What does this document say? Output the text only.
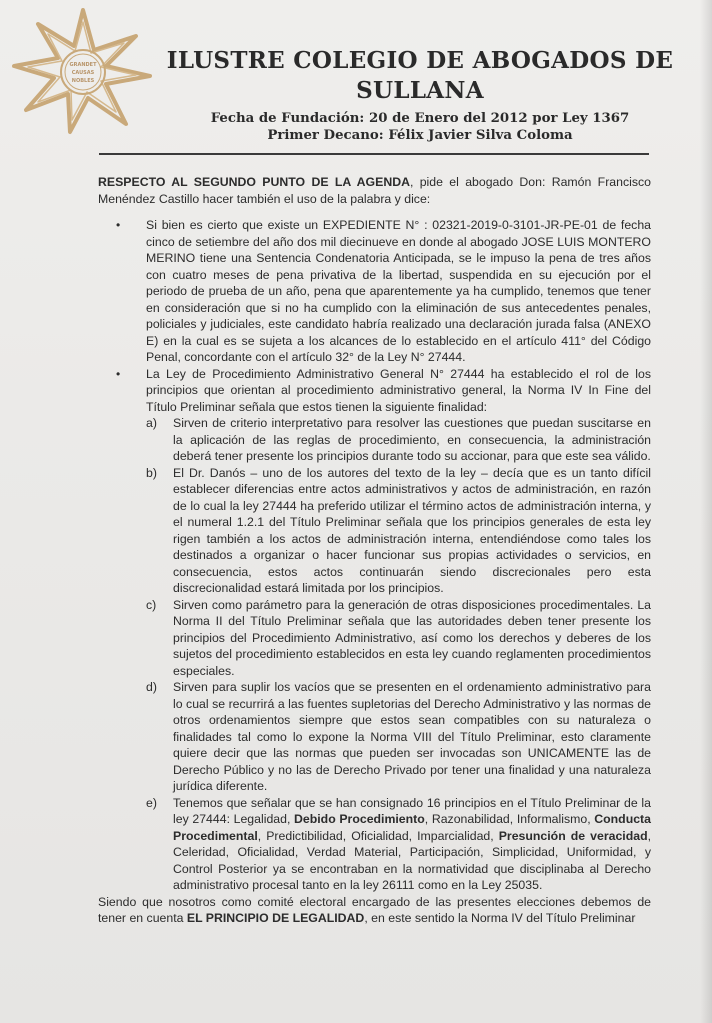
GRANDET
CAUSAS
NOBLES
ILUSTRE COLEGIO DE ABOGADOS DE
SULLANA
Fecha de Fundación: 20 de Enero del 2012 por Ley 1367
Primer Decano: Félix Javier Silva Coloma

RESPECTO AL SEGUNDO PUNTO DE LA AGENDA, pide el abogado Don: Ramón Francisco Menéndez Castillo hacer también el uso de la palabra y dice:

• Si bien es cierto que existe un EXPEDIENTE N° : 02321-2019-0-3101-JR-PE-01 de fecha cinco de setiembre del año dos mil diecinueve en donde al abogado JOSE LUIS MONTERO MERINO tiene una Sentencia Condenatoria Anticipada, se le impuso la pena de tres años con cuatro meses de pena privativa de la libertad, suspendida en su ejecución por el periodo de prueba de un año, pena que aparentemente ya ha cumplido, tenemos que tener en consideración que si no ha cumplido con la eliminación de sus antecedentes penales, policiales y judiciales, este candidato habría realizado una declaración jurada falsa (ANEXO E) en la cual es se sujeta a los alcances de lo establecido en el artículo 411° del Código Penal, concordante con el artículo 32° de la Ley N° 27444.

• La Ley de Procedimiento Administrativo General N° 27444 ha establecido el rol de los principios que orientan al procedimiento administrativo general, la Norma IV In Fine del Título Preliminar señala que estos tienen la siguiente finalidad:

a) Sirven de criterio interpretativo para resolver las cuestiones que puedan suscitarse en la aplicación de las reglas de procedimiento, en consecuencia, la administración deberá tener presente los principios durante todo su accionar, para que este sea válido.

b) El Dr. Danós – uno de los autores del texto de la ley – decía que es un tanto difícil establecer diferencias entre actos administrativos y actos de administración, en razón de lo cual la ley 27444 ha preferido utilizar el término actos de administración interna, y el numeral 1.2.1 del Título Preliminar señala que los principios generales de esta ley rigen también a los actos de administración interna, entendiéndose como tales los destinados a organizar o hacer funcionar sus propias actividades o servicios, en consecuencia, estos actos continuarán siendo discrecionales pero esta discrecionalidad estará limitada por los principios.

c) Sirven como parámetro para la generación de otras disposiciones procedimentales. La Norma II del Título Preliminar señala que las autoridades deben tener presente los principios del Procedimiento Administrativo, así como los derechos y deberes de los sujetos del procedimiento establecidos en esta ley cuando reglamenten procedimientos especiales.

d) Sirven para suplir los vacíos que se presenten en el ordenamiento administrativo para lo cual se recurrirá a las fuentes supletorias del Derecho Administrativo y las normas de otros ordenamientos siempre que estos sean compatibles con su naturaleza o finalidades tal como lo expone la Norma VIII del Título Preliminar, esto claramente quiere decir que las normas que pueden ser invocadas son UNICAMENTE las de Derecho Público y no las de Derecho Privado por tener una finalidad y una naturaleza jurídica diferente.

e) Tenemos que señalar que se han consignado 16 principios en el Título Preliminar de la ley 27444: Legalidad, Debido Procedimiento, Razonabilidad, Informalismo, Conducta Procedimental, Predictibilidad, Oficialidad, Imparcialidad, Presunción de veracidad, Celeridad, Oficialidad, Verdad Material, Participación, Simplicidad, Uniformidad, y Control Posterior ya se encontraban en la normatividad que disciplinaba al Derecho administrativo procesal tanto en la ley 26111 como en la Ley 25035.

Siendo que nosotros como comité electoral encargado de las presentes elecciones debemos de tener en cuenta EL PRINCIPIO DE LEGALIDAD, en este sentido la Norma IV del Título Preliminar
